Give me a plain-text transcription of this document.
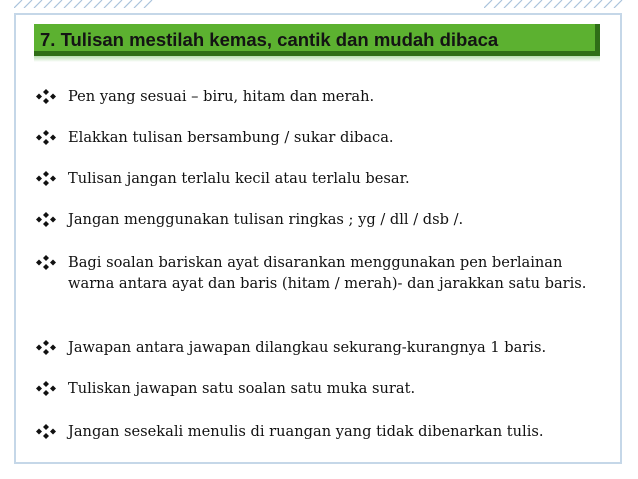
7. Tulisan mestilah kemas, cantik dan mudah dibaca
Pen yang sesuai – biru, hitam dan merah.
Elakkan tulisan bersambung / sukar dibaca.
Tulisan jangan terlalu kecil atau terlalu besar.
Jangan menggunakan tulisan ringkas ; yg / dll / dsb /.
Bagi soalan bariskan ayat disarankan menggunakan pen berlainan warna antara ayat dan baris (hitam / merah)- dan jarakkan satu baris.
Jawapan antara jawapan dilangkau sekurang-kurangnya 1 baris.
Tuliskan jawapan satu soalan satu muka surat.
Jangan sesekali menulis di ruangan yang tidak dibenarkan tulis.
